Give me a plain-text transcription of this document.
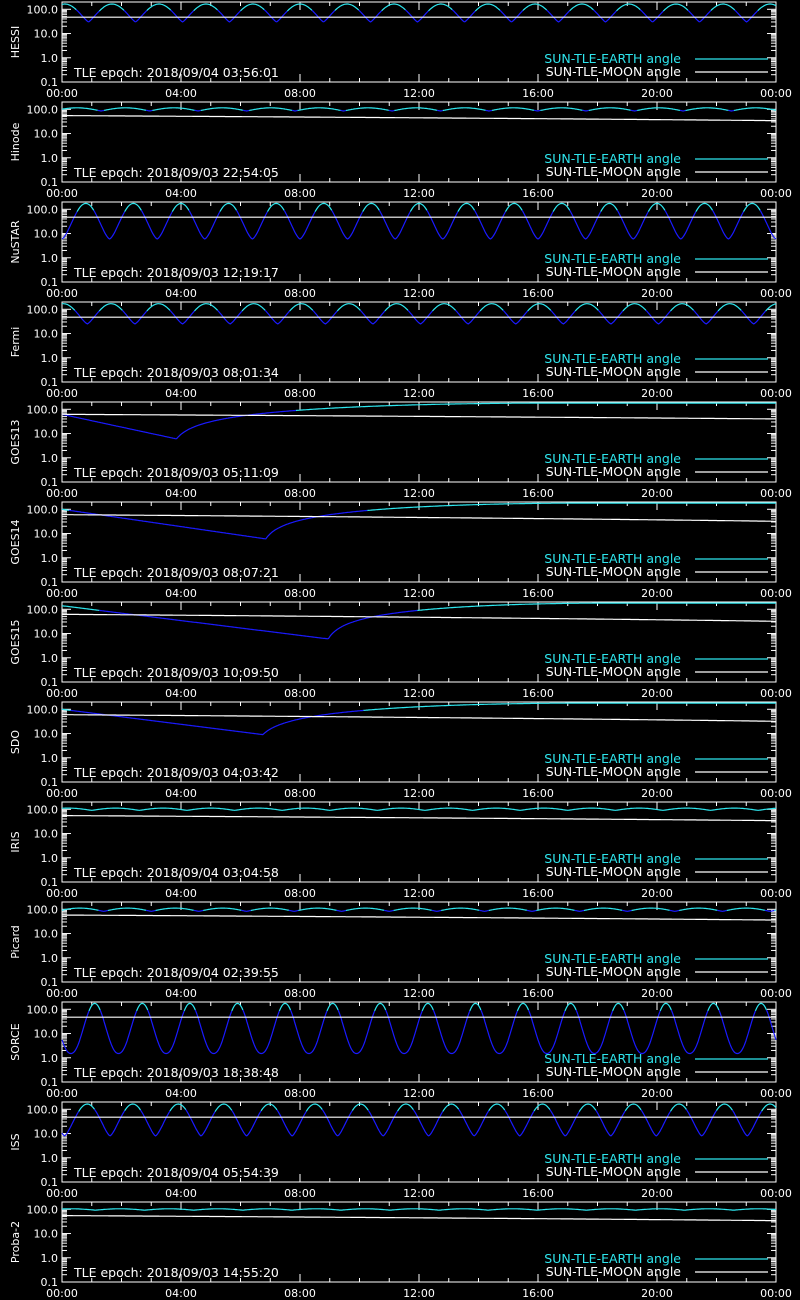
100.0
10.0
1.0
0.1
00:00	04:00	08:00	12:00	16:00	20:00	00:00
HESSI
TLE epoch: 2018/09/04 03:56:01
SUN-TLE-EARTH angle
SUN-TLE-MOON angle
100.0
10.0
1.0
0.1
00:00	04:00	08:00	12:00	16:00	20:00	00:00
Hinode
TLE epoch: 2018/09/03 22:54:05
SUN-TLE-EARTH angle
SUN-TLE-MOON angle
100.0
10.0
1.0
0.1
00:00	04:00	08:00	12:00	16:00	20:00	00:00
NuSTAR
TLE epoch: 2018/09/03 12:19:17
SUN-TLE-EARTH angle
SUN-TLE-MOON angle
100.0
10.0
1.0
0.1
00:00	04:00	08:00	12:00	16:00	20:00	00:00
Fermi
TLE epoch: 2018/09/03 08:01:34
SUN-TLE-EARTH angle
SUN-TLE-MOON angle
100.0
10.0
1.0
0.1
00:00	04:00	08:00	12:00	16:00	20:00	00:00
GOES13
TLE epoch: 2018/09/03 05:11:09
SUN-TLE-EARTH angle
SUN-TLE-MOON angle
100.0
10.0
1.0
0.1
00:00	04:00	08:00	12:00	16:00	20:00	00:00
GOES14
TLE epoch: 2018/09/03 08:07:21
SUN-TLE-EARTH angle
SUN-TLE-MOON angle
100.0
10.0
1.0
0.1
00:00	04:00	08:00	12:00	16:00	20:00	00:00
GOES15
TLE epoch: 2018/09/03 10:09:50
SUN-TLE-EARTH angle
SUN-TLE-MOON angle
100.0
10.0
1.0
0.1
00:00	04:00	08:00	12:00	16:00	20:00	00:00
SDO
TLE epoch: 2018/09/03 04:03:42
SUN-TLE-EARTH angle
SUN-TLE-MOON angle
100.0
10.0
1.0
0.1
00:00	04:00	08:00	12:00	16:00	20:00	00:00
IRIS
TLE epoch: 2018/09/04 03:04:58
SUN-TLE-EARTH angle
SUN-TLE-MOON angle
100.0
10.0
1.0
0.1
00:00	04:00	08:00	12:00	16:00	20:00	00:00
Picard
TLE epoch: 2018/09/04 02:39:55
SUN-TLE-EARTH angle
SUN-TLE-MOON angle
100.0
10.0
1.0
0.1
00:00	04:00	08:00	12:00	16:00	20:00	00:00
SORCE
TLE epoch: 2018/09/03 18:38:48
SUN-TLE-EARTH angle
SUN-TLE-MOON angle
100.0
10.0
1.0
0.1
00:00	04:00	08:00	12:00	16:00	20:00	00:00
ISS
TLE epoch: 2018/09/04 05:54:39
SUN-TLE-EARTH angle
SUN-TLE-MOON angle
100.0
10.0
1.0
0.1
00:00	04:00	08:00	12:00	16:00	20:00	00:00
Proba-2
TLE epoch: 2018/09/03 14:55:20
SUN-TLE-EARTH angle
SUN-TLE-MOON angle
